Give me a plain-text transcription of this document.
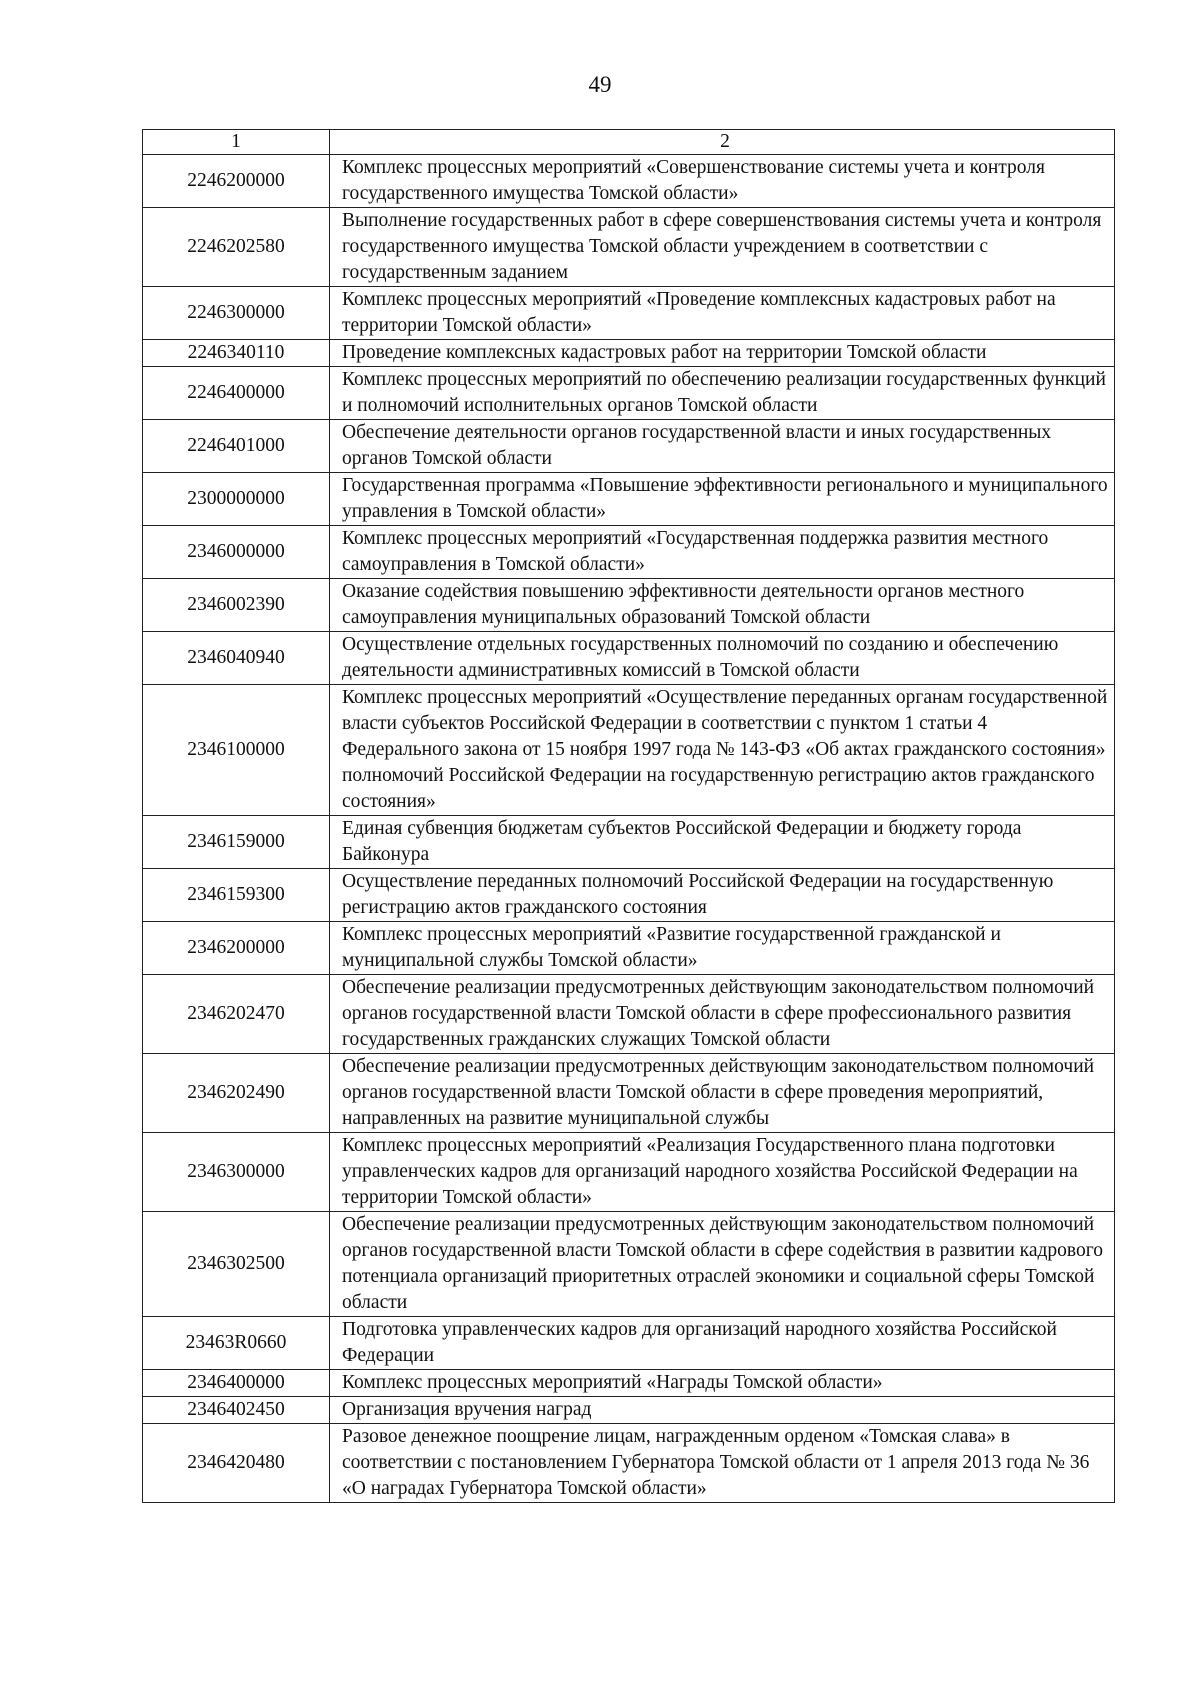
49
1	2
2246200000	Комплекс процессных мероприятий «Совершенствование системы учета и контроля государственного имущества Томской области»
2246202580	Выполнение государственных работ в сфере совершенствования системы учета и контроля государственного имущества Томской области учреждением в соответствии с государственным заданием
2246300000	Комплекс процессных мероприятий «Проведение комплексных кадастровых работ на территории Томской области»
2246340110	Проведение комплексных кадастровых работ на территории Томской области
2246400000	Комплекс процессных мероприятий по обеспечению реализации государственных функций и полномочий исполнительных органов Томской области
2246401000	Обеспечение деятельности органов государственной власти и иных государственных органов Томской области
2300000000	Государственная программа «Повышение эффективности регионального и муниципального управления в Томской области»
2346000000	Комплекс процессных мероприятий «Государственная поддержка развития местного самоуправления в Томской области»
2346002390	Оказание содействия повышению эффективности деятельности органов местного самоуправления муниципальных образований Томской области
2346040940	Осуществление отдельных государственных полномочий по созданию и обеспечению деятельности административных комиссий в Томской области
2346100000	Комплекс процессных мероприятий «Осуществление переданных органам государственной власти субъектов Российской Федерации в соответствии с пунктом 1 статьи 4 Федерального закона от 15 ноября 1997 года № 143-ФЗ «Об актах гражданского состояния» полномочий Российской Федерации на государственную регистрацию актов гражданского состояния»
2346159000	Единая субвенция бюджетам субъектов Российской Федерации и бюджету города Байконура
2346159300	Осуществление переданных полномочий Российской Федерации на государственную регистрацию актов гражданского состояния
2346200000	Комплекс процессных мероприятий «Развитие государственной гражданской и муниципальной службы Томской области»
2346202470	Обеспечение реализации предусмотренных действующим законодательством полномочий органов государственной власти Томской области в сфере профессионального развития государственных гражданских служащих Томской области
2346202490	Обеспечение реализации предусмотренных действующим законодательством полномочий органов государственной власти Томской области в сфере проведения мероприятий, направленных на развитие муниципальной службы
2346300000	Комплекс процессных мероприятий «Реализация Государственного плана подготовки управленческих кадров для организаций народного хозяйства Российской Федерации на территории Томской области»
2346302500	Обеспечение реализации предусмотренных действующим законодательством полномочий органов государственной власти Томской области в сфере содействия в развитии кадрового потенциала организаций приоритетных отраслей экономики и социальной сферы Томской области
23463R0660	Подготовка управленческих кадров для организаций народного хозяйства Российской Федерации
2346400000	Комплекс процессных мероприятий «Награды Томской области»
2346402450	Организация вручения наград
2346420480	Разовое денежное поощрение лицам, награжденным орденом «Томская слава» в соответствии с постановлением Губернатора Томской области от 1 апреля 2013 года № 36 «О наградах Губернатора Томской области»
